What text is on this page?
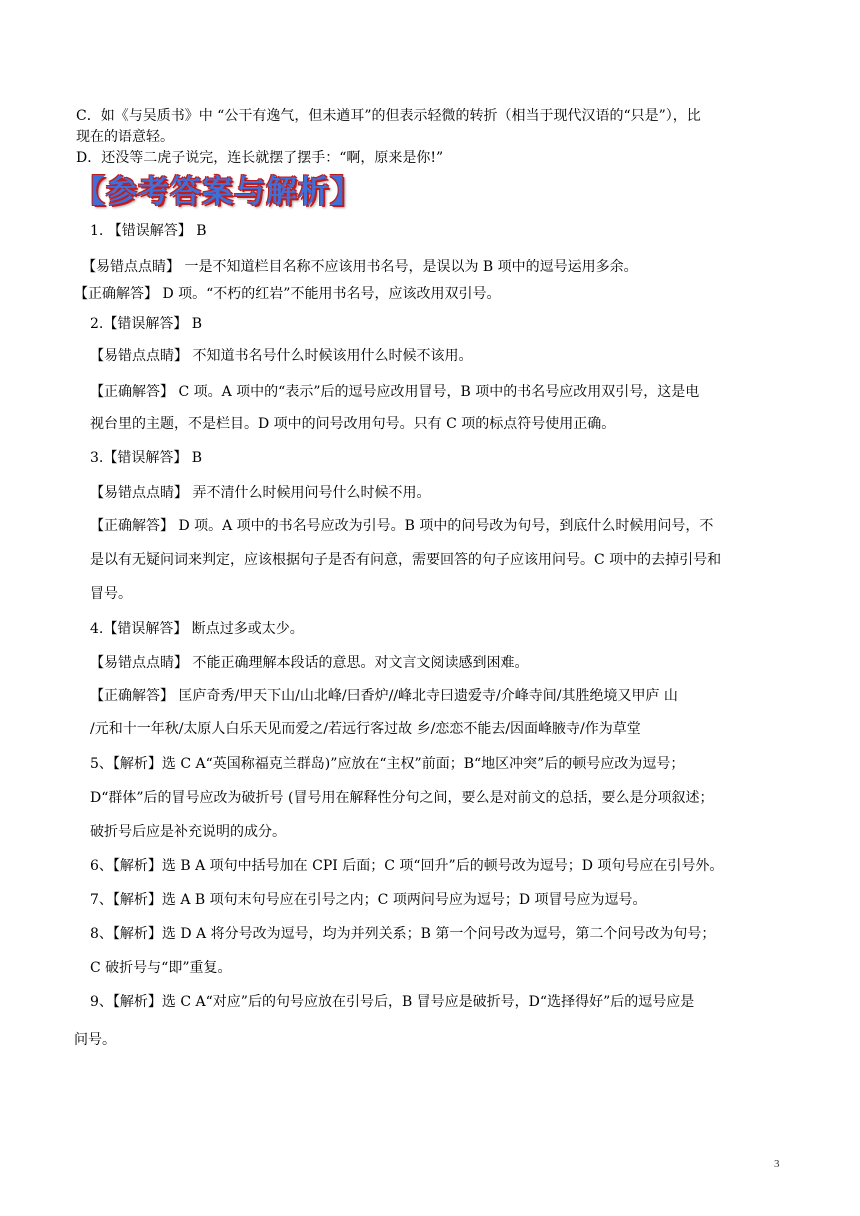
C．如《与吴质书》中 “公干有逸气，但未遒耳”的但表示轻微的转折（相当于现代汉语的“只是”），比
现在的语意轻。
D．还没等二虎子说完，连长就摆了摆手：“啊，原来是你!”
【参考答案与解析】
1. 【错误解答】 B
【易错点点睛】 一是不知道栏目名称不应该用书名号，是误以为 B 项中的逗号运用多余。
【正确解答】 D 项。“不朽的红岩”不能用书名号，应该改用双引号。
2.【错误解答】 B
【易错点点睛】 不知道书名号什么时候该用什么时候不该用。
【正确解答】 C 项。A 项中的“表示”后的逗号应改用冒号，B 项中的书名号应改用双引号，这是电
视台里的主题，不是栏目。D 项中的问号改用句号。只有 C 项的标点符号使用正确。
3.【错误解答】 B
【易错点点睛】 弄不清什么时候用问号什么时候不用。
【正确解答】 D 项。A 项中的书名号应改为引号。B 项中的问号改为句号，到底什么时候用问号，不
是以有无疑问词来判定，应该根据句子是否有问意，需要回答的句子应该用问号。C 项中的去掉引号和
冒号。
4.【错误解答】 断点过多或太少。
【易错点点睛】 不能正确理解本段话的意思。对文言文阅读感到困难。
【正确解答】 匡庐奇秀/甲天下山/山北峰/曰香炉//峰北寺曰遗爱寺/介峰寺间/其胜绝境又甲庐 山
/元和十一年秋/太原人白乐天见而爱之/若远行客过故 乡/恋恋不能去/因面峰腋寺/作为草堂
5、【解析】选 C A“英国称福克兰群岛)”应放在“主权”前面；B“地区冲突”后的顿号应改为逗号；
D“群体”后的冒号应改为破折号 (冒号用在解释性分句之间，要么是对前文的总括，要么是分项叙述；
破折号后应是补充说明的成分。
6、【解析】选 B A 项句中括号加在 CPI 后面；C 项“回升”后的顿号改为逗号；D 项句号应在引号外。
7、【解析】选 A B 项句末句号应在引号之内；C 项两问号应为逗号；D 项冒号应为逗号。
8、【解析】选 D A 将分号改为逗号，均为并列关系；B 第一个问号改为逗号，第二个问号改为句号；
C 破折号与“即”重复。
9、【解析】选 C A“对应”后的句号应放在引号后，B 冒号应是破折号，D“选择得好”后的逗号应是
问号。
3
